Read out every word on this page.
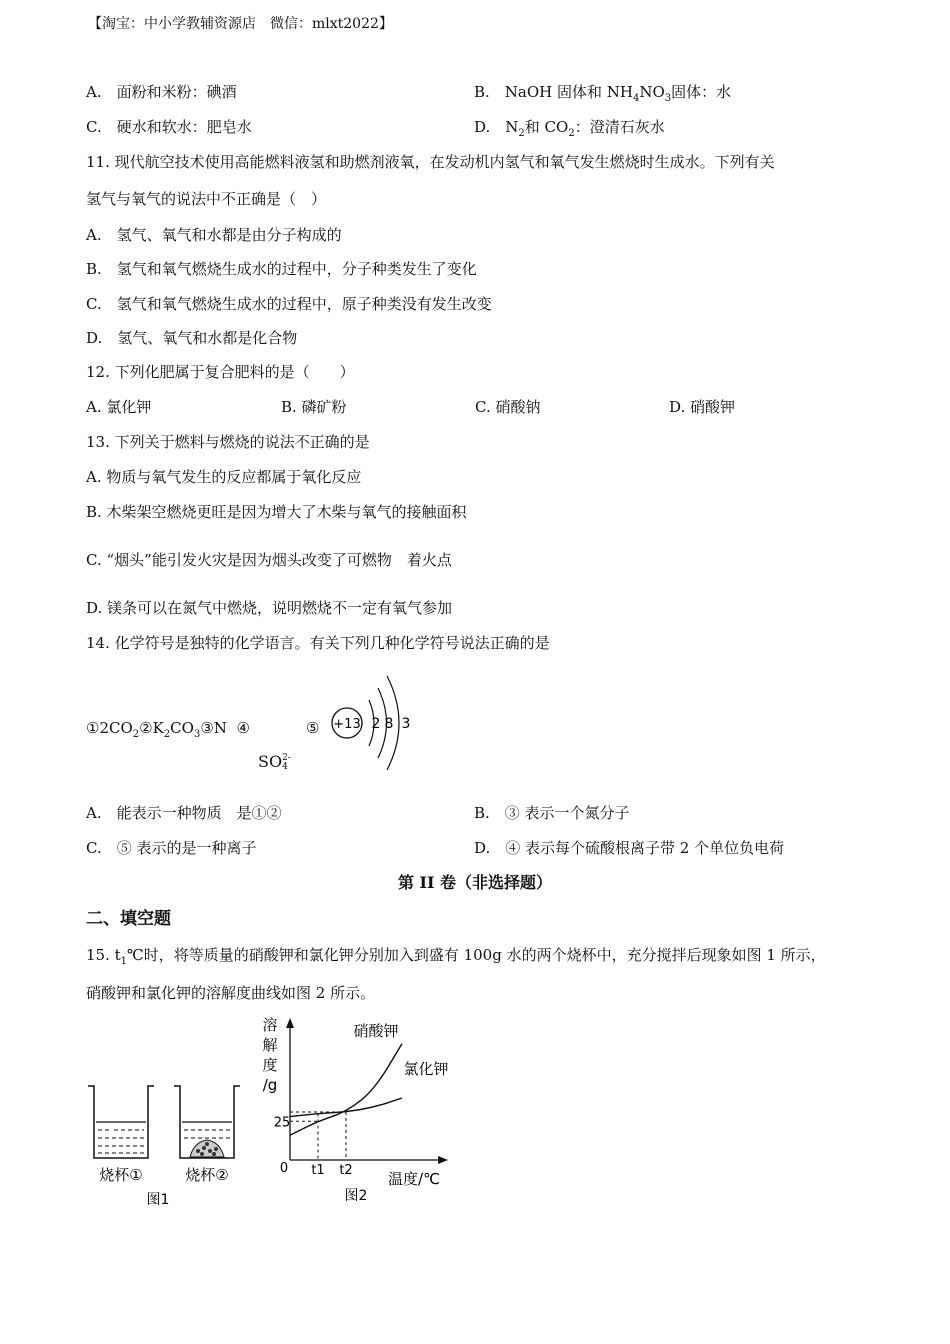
【淘宝：中小学教辅资源店　微信：mlxt2022】
A.　面粉和米粉：碘酒	B.　NaOH 固体和 $NH_4NO_3$固体：水
C.　硬水和软水：肥皂水	D.　$N_2$和 $CO_2$：澄清石灰水
11. 现代航空技术使用高能燃料液氢和助燃剂液氧，在发动机内氢气和氧气发生燃烧时生成水。下列有关
氢气与氧气的说法中不正确是（　）
A.　氢气、氧气和水都是由分子构成的
B.　氢气和氧气燃烧生成水的过程中，分子种类发生了变化
C.　氢气和氧气燃烧生成水的过程中，原子种类没有发生改变
D.　氢气、氧气和水都是化合物
12. 下列化肥属于复合肥料的是（　　）
A. 氯化钾	B. 磷矿粉	C. 硝酸钠	D. 硝酸钾
13. 下列关于燃料与燃烧的说法不正确的是
A. 物质与氧气发生的反应都属于氧化反应
B. 木柴架空燃烧更旺是因为增大了木柴与氧气的接触面积
C. “烟头”能引发火灾是因为烟头改变了可燃物　着火点
D. 镁条可以在氮气中燃烧，说明燃烧不一定有氧气参加
14. 化学符号是独特的化学语言。有关下列几种化学符号说法正确的是
$①2CO_2②K_2CO_3③N$ ④	⑤
SO 2-
4
+13 2 8 3
A.　能表示一种物质　是①②	B.　③ 表示一个氮分子
C.　⑤ 表示的是一种离子	D.　④ 表示每个硫酸根离子带 2 个单位负电荷
第 II 卷（非选择题）
二、填空题
15. $t_1℃$时，将等质量的硝酸钾和氯化钾分别加入到盛有 100g 水的两个烧杯中，充分搅拌后现象如图 1 所示，
硝酸钾和氯化钾的溶解度曲线如图 2 所示。
烧杯①	烧杯②
图1
溶
解
度
/g
0
温度/℃
硝酸钾
氯化钾
t1 t2
25
图2
